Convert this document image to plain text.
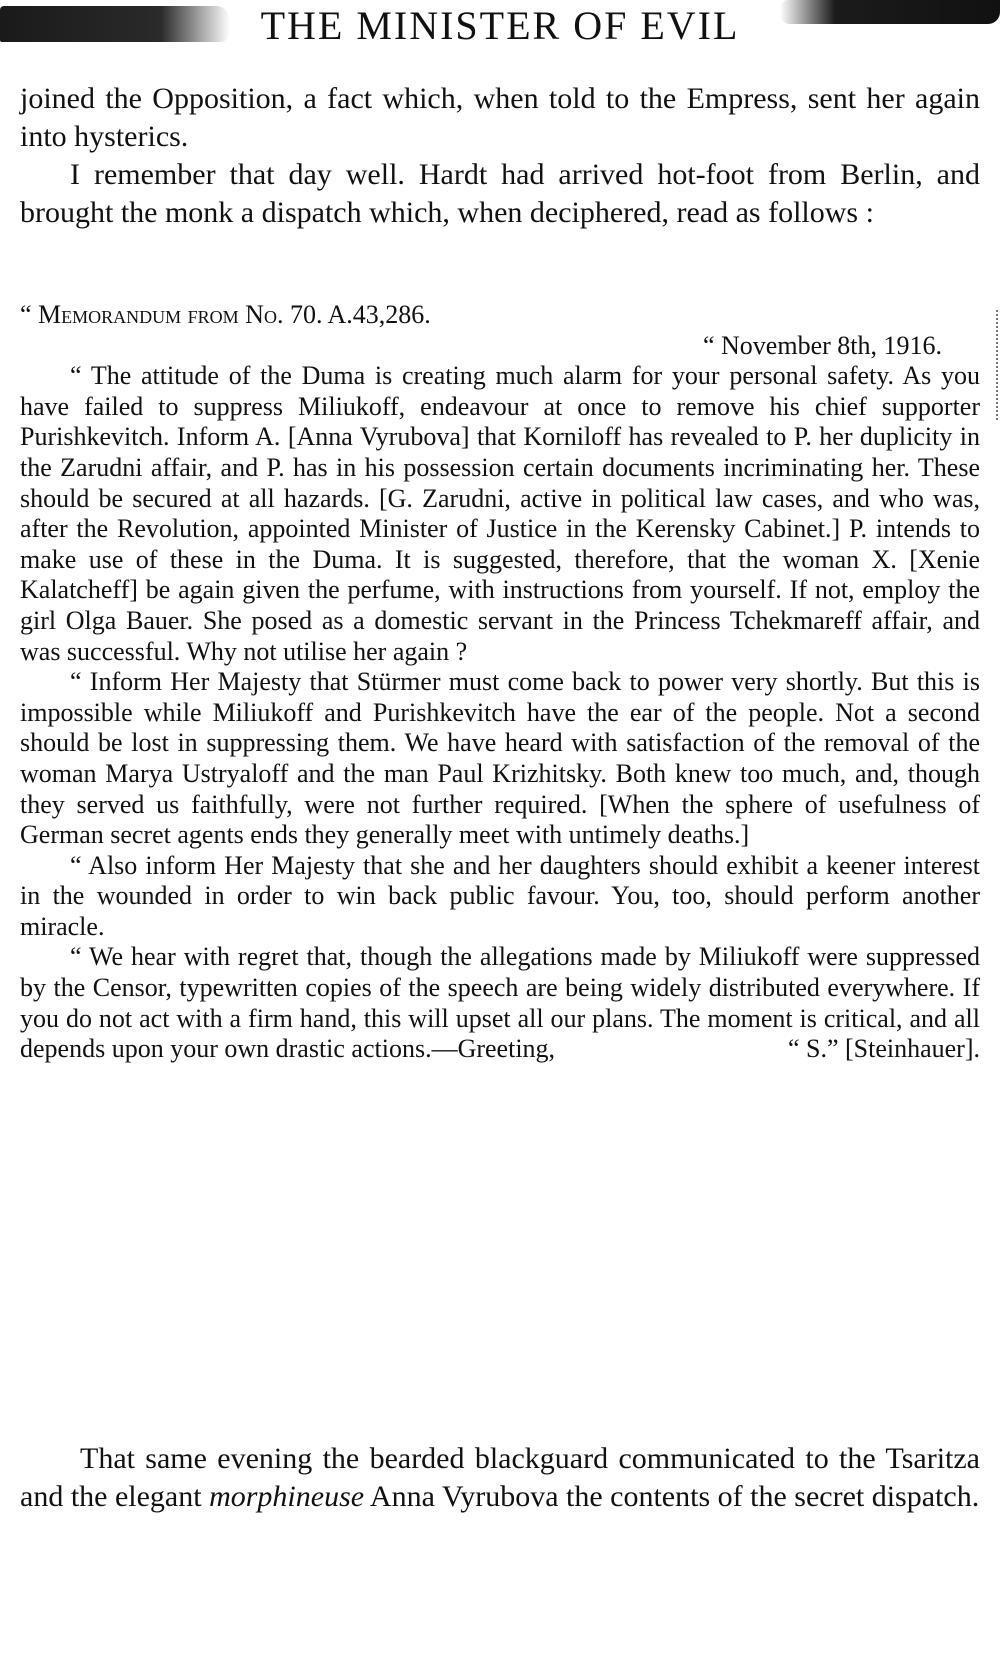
THE MINISTER OF EVIL

joined the Opposition, a fact which, when told to the Empress, sent her again into hysterics.

I remember that day well. Hardt had arrived hot-foot from Berlin, and brought the monk a dispatch which, when deciphered, read as follows :

“ Memorandum from No. 70. A.43,286.

“ November 8th, 1916.

“ The attitude of the Duma is creating much alarm for your personal safety. As you have failed to suppress Miliukoff, endeavour at once to remove his chief supporter Purishkevitch. Inform A. [Anna Vyrubova] that Korniloff has revealed to P. her duplicity in the Zarudni affair, and P. has in his possession certain documents incriminating her. These should be secured at all hazards. [G. Zarudni, active in political law cases, and who was, after the Revolution, appointed Minister of Justice in the Kerensky Cabinet.] P. intends to make use of these in the Duma. It is suggested, therefore, that the woman X. [Xenie Kalatcheff] be again given the perfume, with instructions from yourself. If not, employ the girl Olga Bauer. She posed as a domestic servant in the Princess Tchekmareff affair, and was successful. Why not utilise her again ?

“ Inform Her Majesty that Stürmer must come back to power very shortly. But this is impossible while Miliukoff and Purishkevitch have the ear of the people. Not a second should be lost in suppressing them. We have heard with satisfaction of the removal of the woman Marya Ustryaloff and the man Paul Krizhitsky. Both knew too much, and, though they served us faithfully, were not further required. [When the sphere of usefulness of German secret agents ends they generally meet with untimely deaths.]

“ Also inform Her Majesty that she and her daughters should exhibit a keener interest in the wounded in order to win back public favour. You, too, should perform another miracle.

“ We hear with regret that, though the allegations made by Miliukoff were suppressed by the Censor, typewritten copies of the speech are being widely distributed everywhere. If you do not act with a firm hand, this will upset all our plans. The moment is critical, and all depends upon your own drastic actions.—Greeting,	“ S.” [Steinhauer].

That same evening the bearded blackguard communicated to the Tsaritza and the elegant morphineuse Anna Vyrubova the contents of the secret dispatch.
